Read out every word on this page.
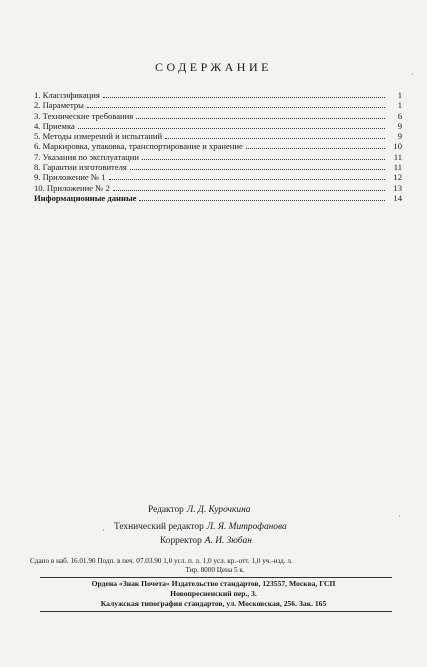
СОДЕРЖАНИЕ
1. Классификация	1
2. Параметры	1
3. Технические требования	6
4. Приемка	9
5. Методы измерений и испытаний	9
6. Маркировка, упаковка, транспортирование и хранение	10
7. Указания по эксплуатации	11
8. Гарантии изготовителя	11
9. Приложение № 1	12
10. Приложение № 2	13
Информационные данные	14
Редактор Л. Д. Курочкина
Технический редактор Л. Я. Митрофанова
Корректор А. И. Зюбан
Сдано в наб. 16.01.90 Подп. в печ. 07.03.90 1,0 усл. п. л. 1,0 усл. кр.-отт. 1,0 уч.-изд. л.
Тир. 8000 Цена 5 к.
Ордена «Знак Почета» Издательство стандартов, 123557, Москва, ГСП
Новопресненский пер., 3.
Калужская типография стандартов, ул. Московская, 256. Зак. 165
·
·
·
